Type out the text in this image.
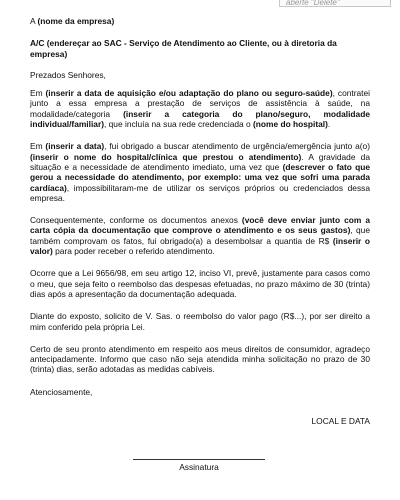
aberte "Delete"

A (nome da empresa)

A/C (endereçar ao SAC - Serviço de Atendimento ao Cliente, ou à diretoria da empresa)

Prezados Senhores,

Em (inserir a data de aquisição e/ou adaptação do plano ou seguro-saúde), contratei junto a essa empresa a prestação de serviços de assistência à saúde, na modalidade/categoria (inserir a categoria do plano/seguro, modalidade individual/familiar), que incluía na sua rede credenciada o (nome do hospital).

Em (inserir a data), fui obrigado a buscar atendimento de urgência/emergência junto a(o) (inserir o nome do hospital/clínica que prestou o atendimento). A gravidade da situação e a necessidade de atendimento imediato, uma vez que (descrever o fato que gerou a necessidade do atendimento, por exemplo: uma vez que sofri uma parada cardíaca), impossibilitaram-me de utilizar os serviços próprios ou credenciados dessa empresa.

Consequentemente, conforme os documentos anexos (você deve enviar junto com a carta cópia da documentação que comprove o atendimento e os seus gastos), que também comprovam os fatos, fui obrigado(a) a desembolsar a quantia de R$ (inserir o valor) para poder receber o referido atendimento.

Ocorre que a Lei 9656/98, em seu artigo 12, inciso VI, prevê, justamente para casos como o meu, que seja feito o reembolso das despesas efetuadas, no prazo máximo de 30 (trinta) dias após a apresentação da documentação adequada.

Diante do exposto, solicito de V. Sas. o reembolso do valor pago (R$...), por ser direito a mim conferido pela própria Lei.

Certo de seu pronto atendimento em respeito aos meus direitos de consumidor, agradeço antecipadamente. Informo que caso não seja atendida minha solicitação no prazo de 30 (trinta) dias, serão adotadas as medidas cabíveis.

Atenciosamente,

LOCAL E DATA

Assinatura
